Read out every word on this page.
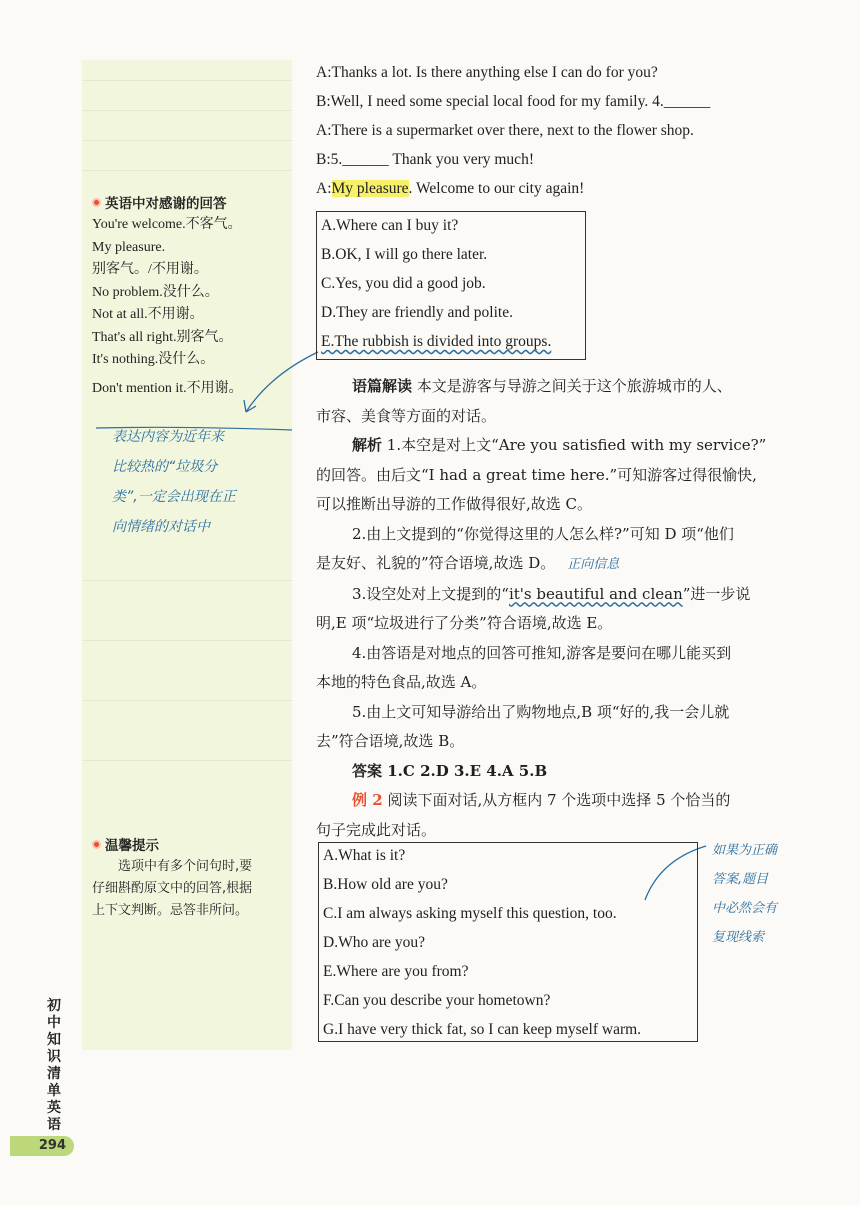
英语中对感谢的回答
You're welcome.不客气。
My pleasure.
别客气。/不用谢。
No problem.没什么。
Not at all.不用谢。
That's all right.别客气。
It's nothing.没什么。
Don't mention it.不用谢。
表达内容为近年来
比较热的“垃圾分
类”,一定会出现在正
向情绪的对话中
温馨提示
选项中有多个问句时,要
仔细斟酌原文中的回答,根据
上下文判断。忌答非所问。
A:Thanks a lot. Is there anything else I can do for you?
B:Well, I need some special local food for my family. 4.______
A:There is a supermarket over there, next to the flower shop.
B:5.______ Thank you very much!
A:My pleasure. Welcome to our city again!
A.Where can I buy it?
B.OK, I will go there later.
C.Yes, you did a good job.
D.They are friendly and polite.
E.The rubbish is divided into groups.
语篇解读 本文是游客与导游之间关于这个旅游城市的人、
市容、美食等方面的对话。
解析 1.本空是对上文“Are you satisfied with my service?”
的回答。由后文“I had a great time here.”可知游客过得很愉快,
可以推断出导游的工作做得很好,故选 C。
2.由上文提到的“你觉得这里的人怎么样?”可知 D 项“他们
是友好、礼貌的”符合语境,故选 D。 正向信息
3.设空处对上文提到的“it's beautiful and clean”进一步说
明,E 项“垃圾进行了分类”符合语境,故选 E。
4.由答语是对地点的回答可推知,游客是要问在哪儿能买到
本地的特色食品,故选 A。
5.由上文可知导游给出了购物地点,B 项“好的,我一会儿就
去”符合语境,故选 B。
答案 1.C 2.D 3.E 4.A 5.B
例 2 阅读下面对话,从方框内 7 个选项中选择 5 个恰当的
句子完成此对话。
A.What is it?
B.How old are you?
C.I am always asking myself this question, too.
D.Who are you?
E.Where are you from?
F.Can you describe your hometown?
G.I have very thick fat, so I can keep myself warm.
如果为正确
答案,题目
中必然会有
复现线索
初中知识清单 英语
294
